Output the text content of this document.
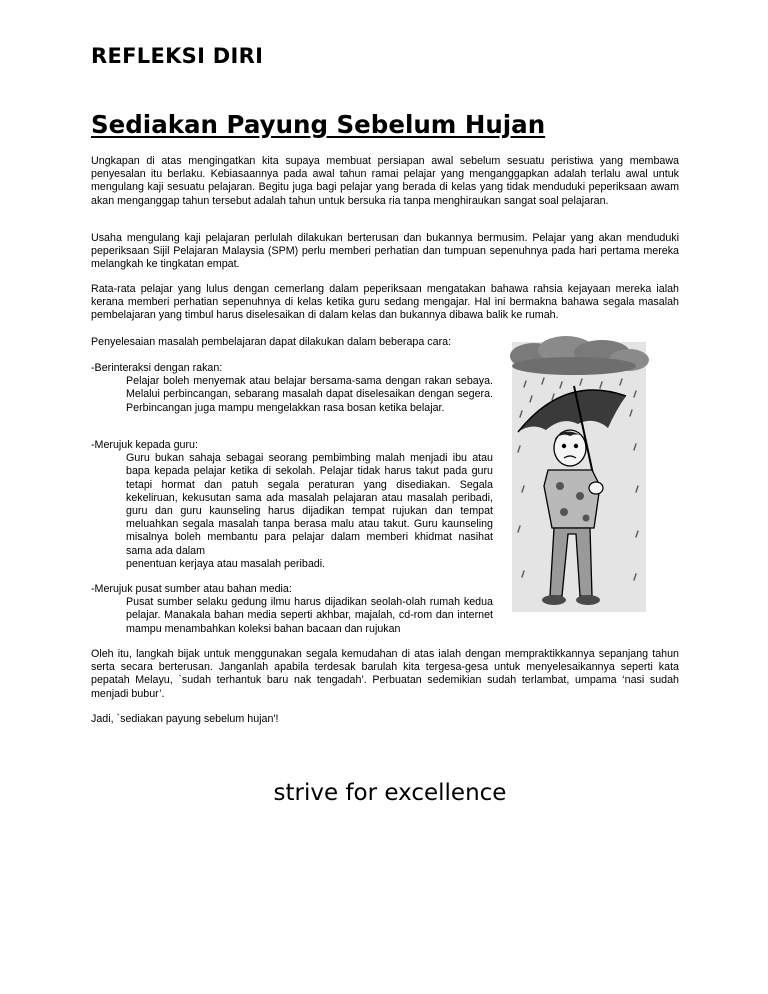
REFLEKSI DIRI
Sediakan Payung Sebelum Hujan

Ungkapan di atas mengingatkan kita supaya membuat persiapan awal sebelum sesuatu peristiwa yang membawa penyesalan itu berlaku. Kebiasaannya pada awal tahun ramai pelajar yang menganggapkan adalah terlalu awal untuk mengulang kaji sesuatu pelajaran. Begitu juga bagi pelajar yang berada di kelas yang tidak menduduki peperiksaan awam akan menganggap tahun tersebut adalah tahun untuk bersuka ria tanpa menghiraukan sangat soal pelajaran.

Usaha mengulang kaji pelajaran perlulah dilakukan berterusan dan bukannya bermusim. Pelajar yang akan menduduki peperiksaan Sijil Pelajaran Malaysia (SPM) perlu memberi perhatian dan tumpuan sepenuhnya pada hari pertama mereka melangkah ke tingkatan empat.

Rata-rata pelajar yang lulus dengan cemerlang dalam peperiksaan mengatakan bahawa rahsia kejayaan mereka ialah kerana memberi perhatian sepenuhnya di kelas ketika guru sedang mengajar. Hal ini bermakna bahawa segala masalah pembelajaran yang timbul harus diselesaikan di dalam kelas dan bukannya dibawa balik ke rumah.

Penyelesaian masalah pembelajaran dapat dilakukan dalam beberapa cara:

-Berinteraksi dengan rakan:

Pelajar boleh menyemak atau belajar bersama-sama dengan rakan sebaya. Melalui perbincangan, sebarang masalah dapat diselesaikan dengan segera. Perbincangan juga mampu mengelakkan rasa bosan ketika belajar.

-Merujuk kepada guru:

Guru bukan sahaja sebagai seorang pembimbing malah menjadi ibu atau bapa kepada pelajar ketika di sekolah. Pelajar tidak harus takut pada guru tetapi hormat dan patuh segala peraturan yang disediakan. Segala kekeliruan, kekusutan sama ada masalah pelajaran atau masalah peribadi, guru dan guru kaunseling harus dijadikan tempat rujukan dan tempat meluahkan segala masalah tanpa berasa malu atau takut. Guru kaunseling misalnya boleh membantu para pelajar dalam memberi khidmat nasihat sama ada dalam

penentuan kerjaya atau masalah peribadi.

-Merujuk pusat sumber atau bahan media:

Pusat sumber selaku gedung ilmu harus dijadikan seolah-olah rumah kedua pelajar. Manakala bahan media seperti akhbar, majalah, cd-rom dan internet mampu menambahkan koleksi bahan bacaan dan rujukan

Oleh itu, langkah bijak untuk menggunakan segala kemudahan di atas ialah dengan mempraktikkannya sepanjang tahun serta secara berterusan. Janganlah apabila terdesak barulah kita tergesa-gesa untuk menyelesaikannya seperti kata pepatah Melayu, `sudah terhantuk baru nak tengadah’. Perbuatan sedemikian sudah terlambat, umpama ‘nasi sudah menjadi bubur’.

Jadi, `sediakan payung sebelum hujan'!

strive for excellence
